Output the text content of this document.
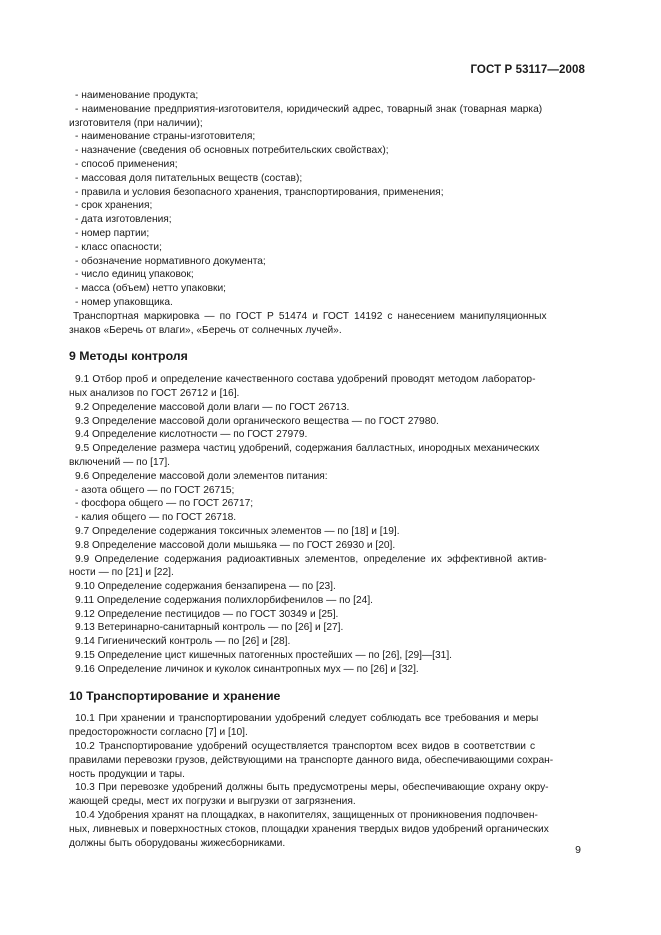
ГОСТ Р 53117—2008

- наименование продукта;

- наименование предприятия-изготовителя, юридический адрес, товарный знак (товарная марка)

изготовителя (при наличии);

- наименование страны-изготовителя;

- назначение (сведения об основных потребительских свойствах);

- способ применения;

- массовая доля питательных веществ (состав);

- правила и условия безопасного хранения, транспортирования, применения;

- срок хранения;

- дата изготовления;

- номер партии;

- класс опасности;

- обозначение нормативного документа;

- число единиц упаковок;

- масса (объем) нетто упаковки;

- номер упаковщика.

Транспортная маркировка — по ГОСТ Р 51474 и ГОСТ 14192 с нанесением манипуляционных

знаков «Беречь от влаги», «Беречь от солнечных лучей».

9 Методы контроля

9.1 Отбор проб и определение качественного состава удобрений проводят методом лаборатор-

ных анализов по ГОСТ 26712 и [16].

9.2 Определение массовой доли влаги — по ГОСТ 26713.

9.3 Определение массовой доли органического вещества — по ГОСТ 27980.

9.4 Определение кислотности — по ГОСТ 27979.

9.5 Определение размера частиц удобрений, содержания балластных, инородных механических

включений — по [17].

9.6 Определение массовой доли элементов питания:

- азота общего — по ГОСТ 26715;

- фосфора общего — по ГОСТ 26717;

- калия общего — по ГОСТ 26718.

9.7 Определение содержания токсичных элементов — по [18] и [19].

9.8 Определение массовой доли мышьяка — по ГОСТ 26930 и [20].

9.9 Определение содержания радиоактивных элементов, определение их эффективной актив-

ности — по [21] и [22].

9.10 Определение содержания бензапирена — по [23].

9.11 Определение содержания полихлорбифенилов — по [24].

9.12 Определение пестицидов — по ГОСТ 30349 и [25].

9.13 Ветеринарно-санитарный контроль — по [26] и [27].

9.14 Гигиенический контроль — по [26] и [28].

9.15 Определение цист кишечных патогенных простейших — по [26], [29]—[31].

9.16 Определение личинок и куколок синантропных мух — по [26] и [32].

10 Транспортирование и хранение

10.1 При хранении и транспортировании удобрений следует соблюдать все требования и меры

предосторожности согласно [7] и [10].

10.2 Транспортирование удобрений осуществляется транспортом всех видов в соответствии с

правилами перевозки грузов, действующими на транспорте данного вида, обеспечивающими сохран-

ность продукции и тары.

10.3 При перевозке удобрений должны быть предусмотрены меры, обеспечивающие охрану окру-

жающей среды, мест их погрузки и выгрузки от загрязнения.

10.4 Удобрения хранят на площадках, в накопителях, защищенных от проникновения подпочвен-

ных, ливневых и поверхностных стоков, площадки хранения твердых видов удобрений органических

должны быть оборудованы жижесборниками.

9
